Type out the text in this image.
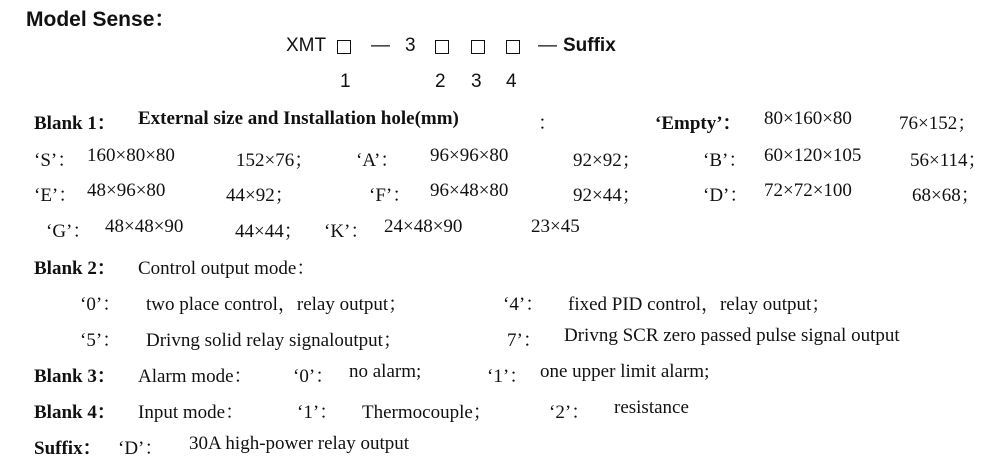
Model Sense：
XMT — 3	— Suffix
1	2 3 4
Blank 1： External size and Installation hole(mm)	：	‘Empty’： 80×160×80 76×152；
‘S’： 160×80×80	152×76； ‘A’： 96×96×80	92×92；	‘B’： 60×120×105	56×114；
‘E’： 48×96×80	44×92；	‘F’： 96×48×80	92×44；	‘D’： 72×72×100	68×68；
‘G’： 48×48×90	44×44； ‘K’： 24×48×90	23×45
Blank 2： Control output mode：
‘0’： two place control，relay output；	‘4’： fixed PID control，relay output；
‘5’： Drivng solid relay signaloutput；	7’： Drivng SCR zero passed pulse signal output
Blank 3： Alarm mode： ‘0’： no alarm;	‘1’： one upper limit alarm;
Blank 4： Input mode：	‘1’： Thermocouple；	‘2’： resistance
Suffix： ‘D’： 30A high-power relay output
